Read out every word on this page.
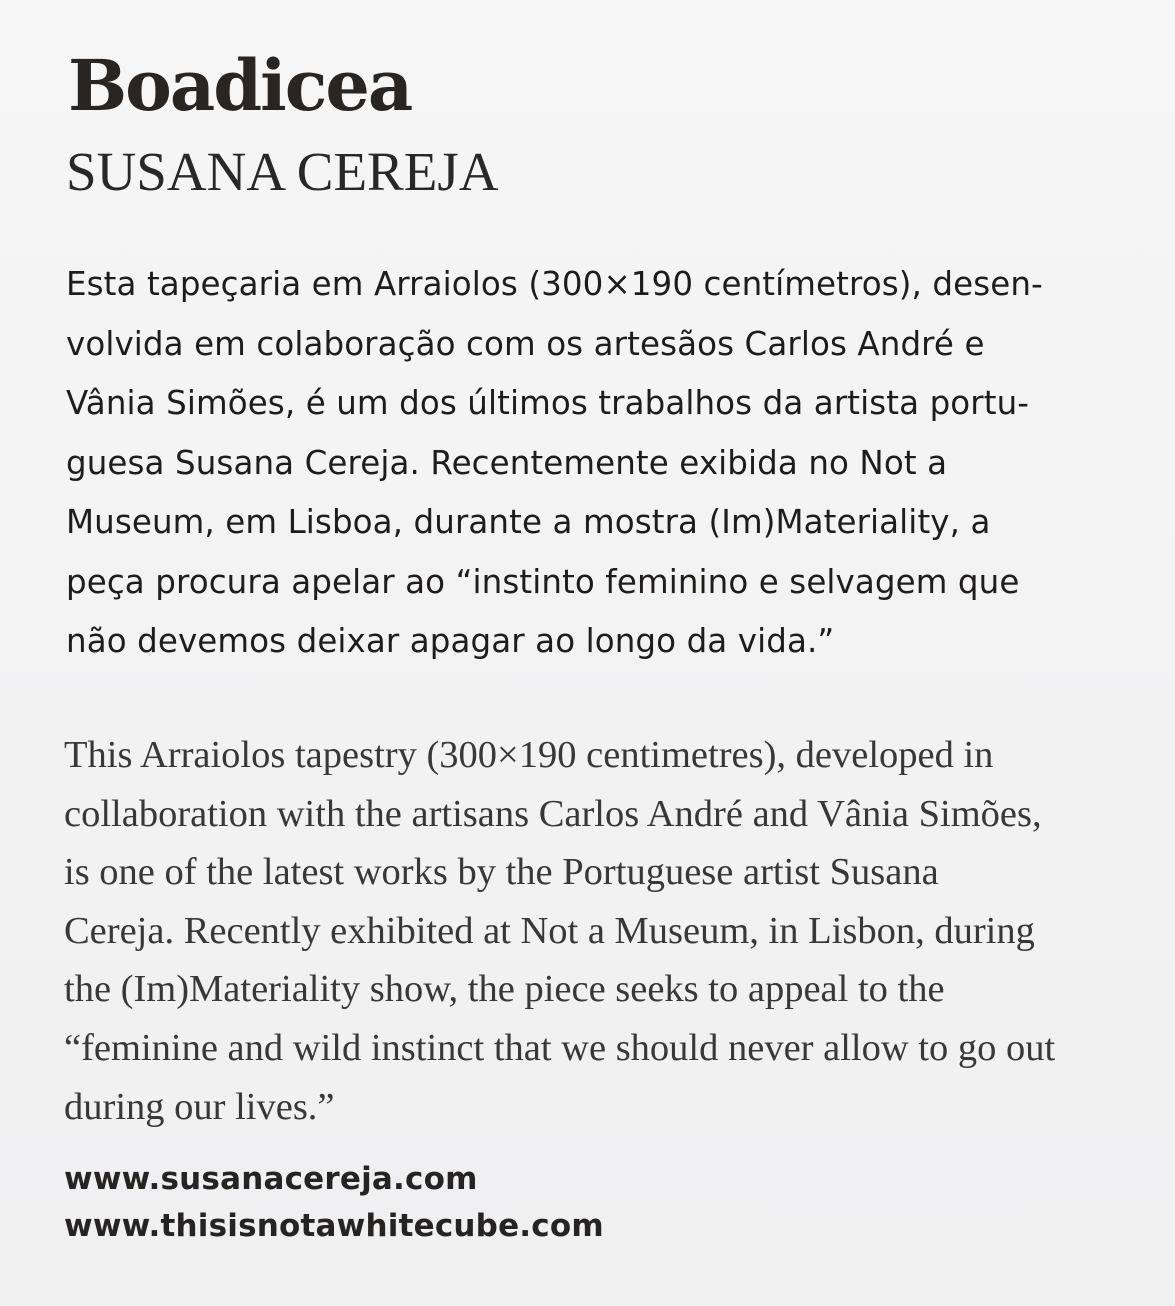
Boadicea
SUSANA CEREJA
Esta tapeçaria em Arraiolos (300×190 centímetros), desen-
volvida em colaboração com os artesãos Carlos André e
Vânia Simões, é um dos últimos trabalhos da artista portu-
guesa Susana Cereja. Recentemente exibida no Not a
Museum, em Lisboa, durante a mostra (Im)Materiality, a
peça procura apelar ao “instinto feminino e selvagem que
não devemos deixar apagar ao longo da vida.”
This Arraiolos tapestry (300×190 centimetres), developed in
collaboration with the artisans Carlos André and Vânia Simões,
is one of the latest works by the Portuguese artist Susana
Cereja. Recently exhibited at Not a Museum, in Lisbon, during
the (Im)Materiality show, the piece seeks to appeal to the
“feminine and wild instinct that we should never allow to go out
during our lives.”
www.susanacereja.com
www.thisisnotawhitecube.com
